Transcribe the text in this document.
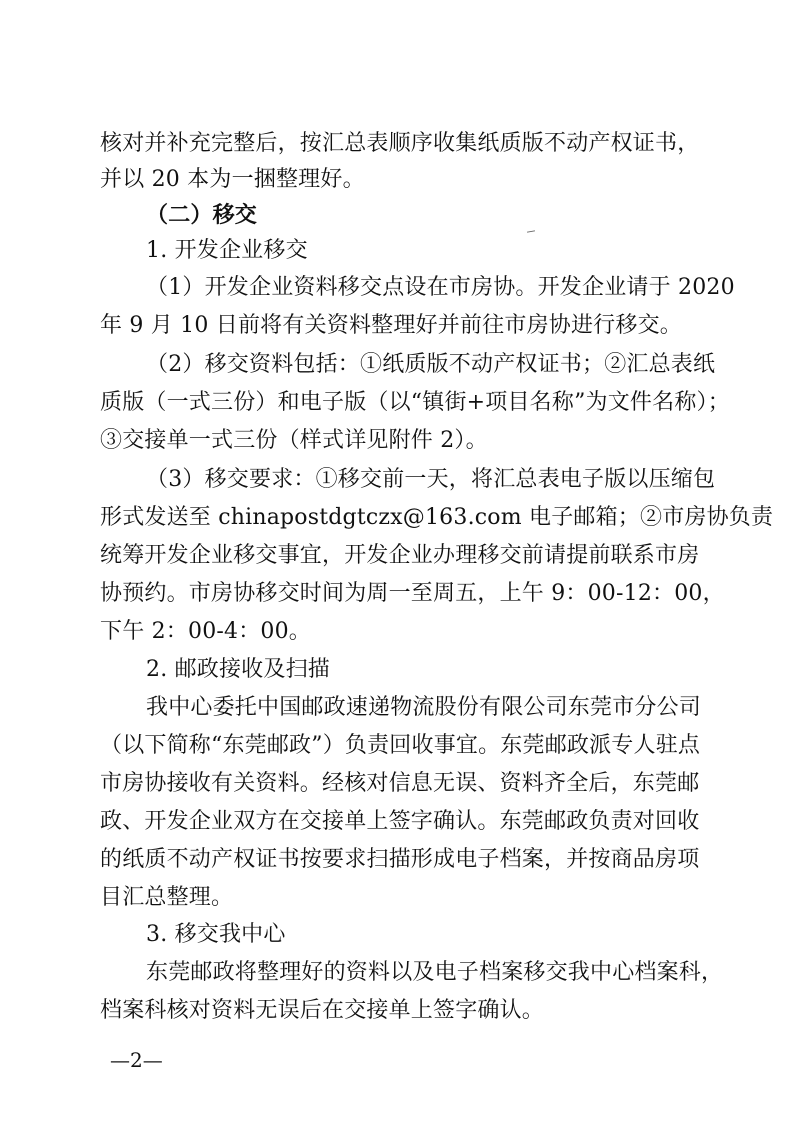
核对并补充完整后，按汇总表顺序收集纸质版不动产权证书，
并以 20 本为一捆整理好。
（二）移交
1. 开发企业移交
（1）开发企业资料移交点设在市房协。开发企业请于 2020
年 9 月 10 日前将有关资料整理好并前往市房协进行移交。
（2）移交资料包括：①纸质版不动产权证书；②汇总表纸
质版（一式三份）和电子版（以“镇街+项目名称”为文件名称）；
③交接单一式三份（样式详见附件 2）。
（3）移交要求：①移交前一天，将汇总表电子版以压缩包
形式发送至 chinapostdgtczx@163.com 电子邮箱；②市房协负责
统筹开发企业移交事宜，开发企业办理移交前请提前联系市房
协预约。市房协移交时间为周一至周五，上午 9：00-12：00，
下午 2：00-4：00。
2. 邮政接收及扫描
我中心委托中国邮政速递物流股份有限公司东莞市分公司
（以下简称“东莞邮政”）负责回收事宜。东莞邮政派专人驻点
市房协接收有关资料。经核对信息无误、资料齐全后，东莞邮
政、开发企业双方在交接单上签字确认。东莞邮政负责对回收
的纸质不动产权证书按要求扫描形成电子档案，并按商品房项
目汇总整理。
3. 移交我中心
东莞邮政将整理好的资料以及电子档案移交我中心档案科，
档案科核对资料无误后在交接单上签字确认。
—2—
